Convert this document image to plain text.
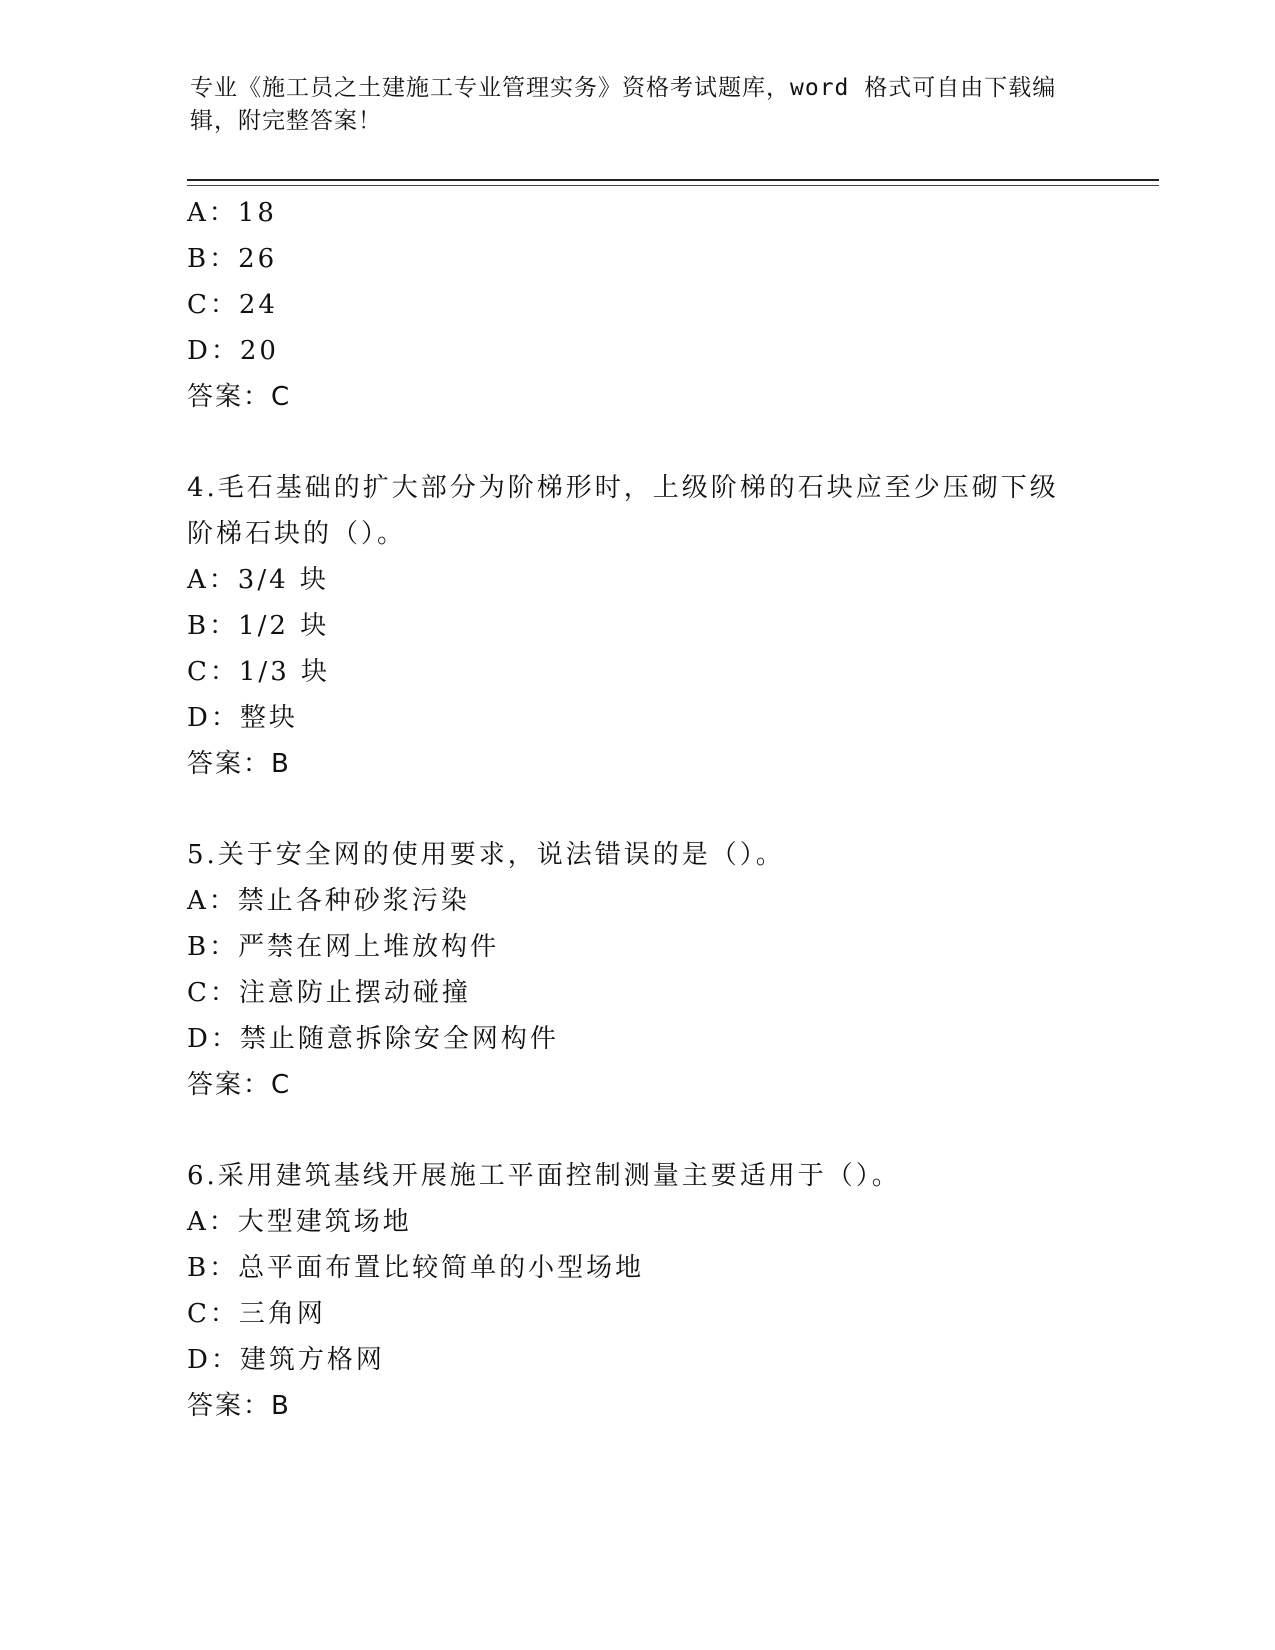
专业《施工员之土建施工专业管理实务》资格考试题库，word 格式可自由下载编
辑，附完整答案！
A：18
B：26
C：24
D：20
答案：C
4.毛石基础的扩大部分为阶梯形时，上级阶梯的石块应至少压砌下级
阶梯石块的（）。
A：3/4 块
B：1/2 块
C：1/3 块
D：整块
答案：B
5.关于安全网的使用要求，说法错误的是（）。
A：禁止各种砂浆污染
B：严禁在网上堆放构件
C：注意防止摆动碰撞
D：禁止随意拆除安全网构件
答案：C
6.采用建筑基线开展施工平面控制测量主要适用于（）。
A：大型建筑场地
B：总平面布置比较简单的小型场地
C：三角网
D：建筑方格网
答案：B
